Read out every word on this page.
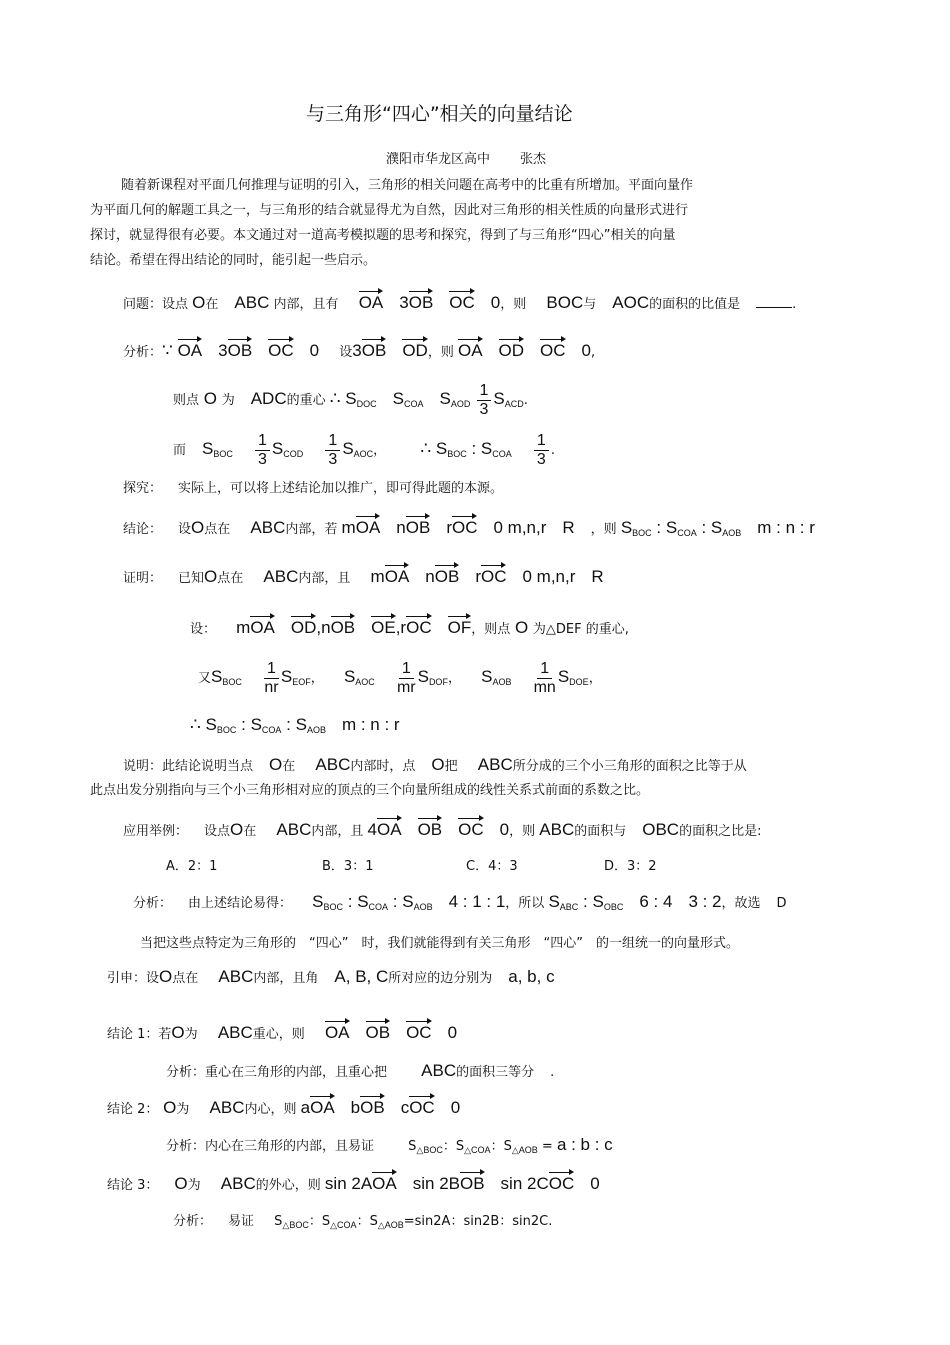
与三角形“四心”相关的向量结论
濮阳市华龙区高中 张杰
随着新课程对平面几何推理与证明的引入，三角形的相关问题在高考中的比重有所增加。平面向量作
为平面几何的解题工具之一，与三角形的结合就显得尤为自然，因此对三角形的相关性质的向量形式进行
探讨，就显得很有必要。本文通过对一道高考模拟题的思考和探究，得到了与三角形“四心”相关的向量
结论。希望在得出结论的同时，能引起一些启示。
问题：设点 O在 ABC 内部，且有 OA 3OB OC 0，则 BOC与 AOC的面积的比值是	.
分析：∵ OA 3OB OC 0 设3OB OD，则 OA OD OC 0,
则点 O 为 ADC的重心 ∴ $S_{DOC}$ $S_{COA}$ $S_{AOD} \frac{1}{3} S_{ACD}$.
而 $S_{BOC} \frac{1}{3} S_{COD} \frac{1}{3} S_{AOC}$， ∴ $S_{BOC}$ : $S_{COA} \frac{1}{3}$ .
探究： 实际上，可以将上述结论加以推广，即可得此题的本源。
结论： 设O点在 ABC内部，若 mOA nOB rOC 0 m,n,r R ，则 $S_{BOC}$ : $S_{COA}$ : $S_{AOB}$ m : n : r
证明： 已知O点在 ABC内部，且 mOA nOB rOC 0 m,n,r R
设： mOA OD,nOB OE,rOC OF，则点 O 为△DEF 的重心,
又$S_{BOC} \frac{1}{nr} S_{EOF}$， $S_{AOC} \frac{1}{mr} S_{DOF}$， $S_{AOB} \frac{1}{mn} S_{DOE}$，
∴ $S_{BOC}$ : $S_{COA}$ : $S_{AOB}$ m : n : r
说明：此结论说明当点 O在 ABC内部时，点 O把 ABC所分成的三个小三角形的面积之比等于从
此点出发分别指向与三个小三角形相对应的顶点的三个向量所组成的线性关系式前面的系数之比。
应用举例： 设点O在 ABC内部，且 4OA OB OC 0，则 ABC的面积与 OBC的面积之比是:
A．2：1	B．3：1	C．4：3	D．3：2
分析： 由上述结论易得： $S_{BOC}$ : $S_{COA}$ : $S_{AOB}$ 4 : 1 : 1，所以 $S_{ABC}$ : $S_{OBC}$ 6 : 4 3 : 2，故选 D
当把这些点特定为三角形的　“四心”　时，我们就能得到有关三角形　“四心”　的一组统一的向量形式。
引申：设O点在 ABC内部，且角 A, B, C所对应的边分别为 a, b, c
结论 1：若O为 ABC重心，则 OA OB OC 0
分析：重心在三角形的内部，且重心把 ABC的面积三等分 .
结论 2： O为 ABC内心，则 aOA bOB cOC 0
分析：内心在三角形的内部，且易证 $S_{\triangle BOC}$：$S_{\triangle COA}$：$S_{\triangle AOB} = a$ : b : c
结论 3： O为 ABC的外心，则 sin 2AOA sin 2BOB sin 2COC 0
分析： 易证 $S_{\triangle BOC}$：$S_{\triangle COA}$：$S_{\triangle AOB}=\sin 2A$：sin2B：sin2C.
